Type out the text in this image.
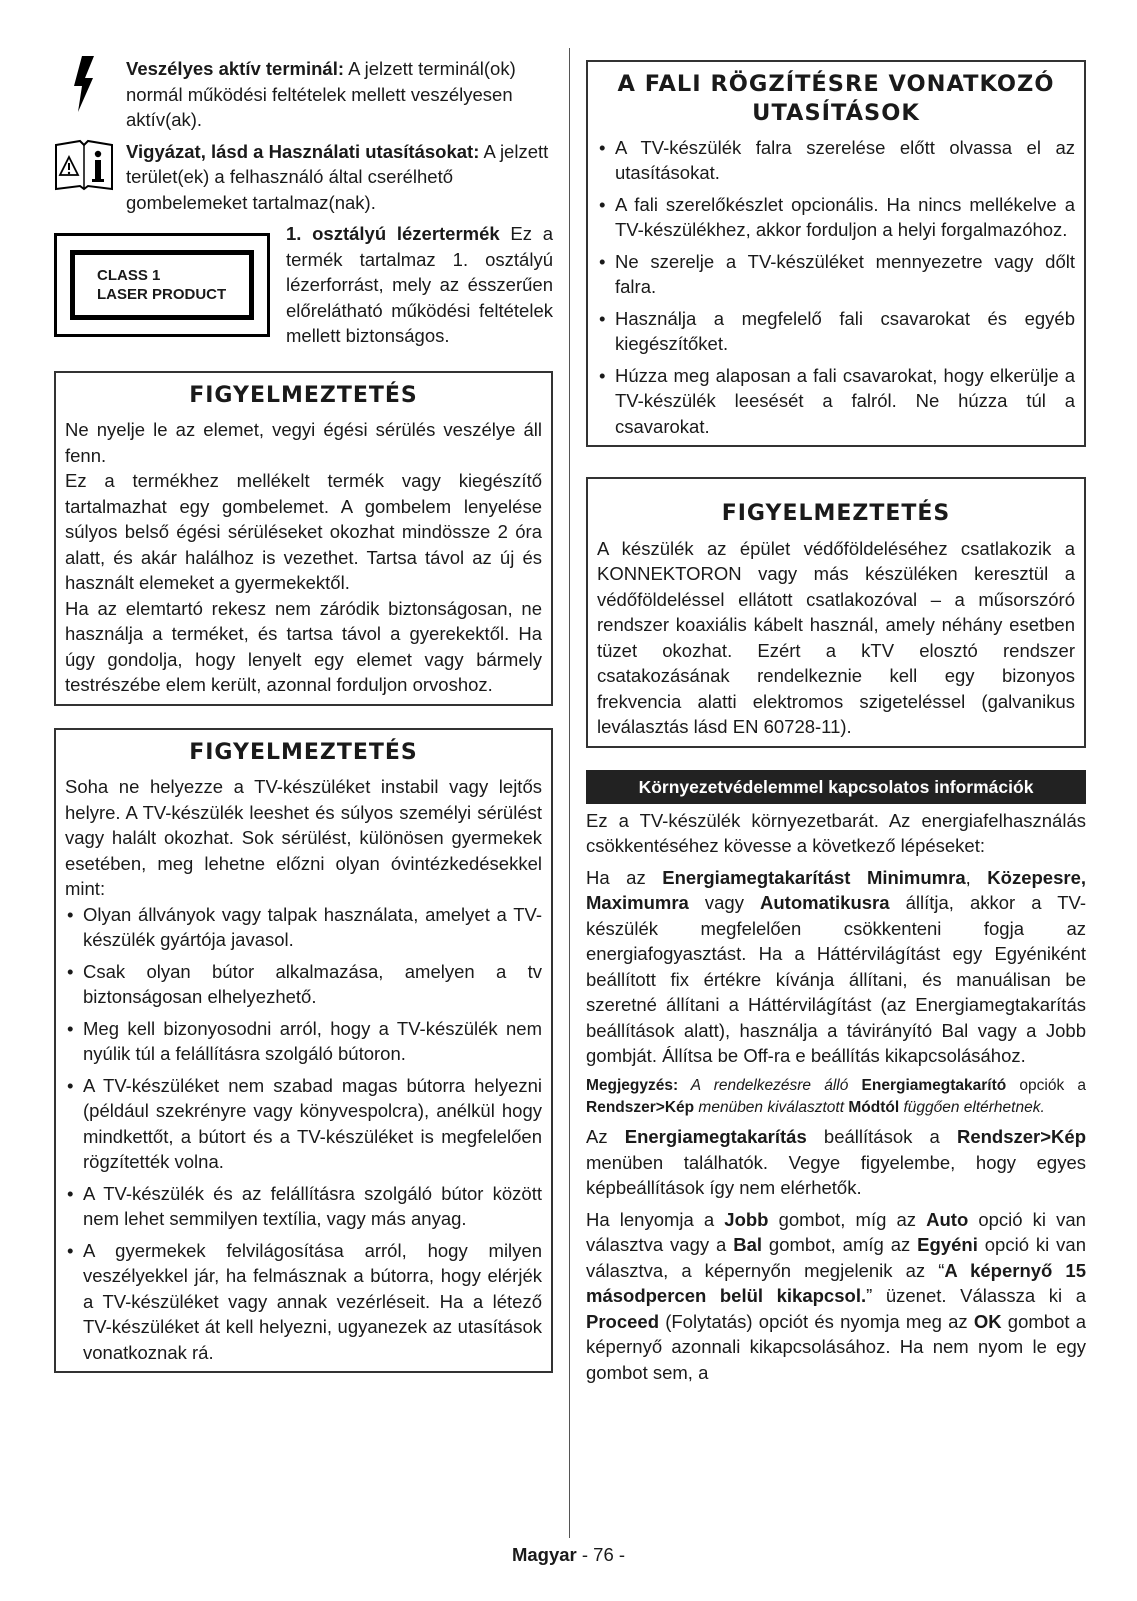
Veszélyes aktív terminál: A jelzett terminál(ok) normál működési feltételek mellett veszélyesen aktív(ak).
Vigyázat, lásd a Használati utasításokat: A jelzett terület(ek) a felhasználó által cserélhető gombelemeket tartalmaz(nak).
CLASS 1
LASER PRODUCT
1. osztályú lézertermék Ez a termék tartalmaz 1. osztályú lézerforrást, mely az ésszerűen előrelátható működési feltételek mellett biztonságos.
FIGYELMEZTETÉS
Ne nyelje le az elemet, vegyi égési sérülés veszélye áll fenn.
Ez a termékhez mellékelt termék vagy kiegészítő tartalmazhat egy gombelemet. A gombelem lenyelése súlyos belső égési sérüléseket okozhat mindössze 2 óra alatt, és akár halálhoz is vezethet. Tartsa távol az új és használt elemeket a gyermekektől.
Ha az elemtartó rekesz nem záródik biztonságosan, ne használja a terméket, és tartsa távol a gyerekektől. Ha úgy gondolja, hogy lenyelt egy elemet vagy bármely testrészébe elem került, azonnal forduljon orvoshoz.
FIGYELMEZTETÉS
Soha ne helyezze a TV-készüléket instabil vagy lejtős helyre. A TV-készülék leeshet és súlyos személyi sérülést vagy halált okozhat. Sok sérülést, különösen gyermekek esetében, meg lehetne előzni olyan óvintézkedésekkel mint:
• Olyan állványok vagy talpak használata, amelyet a TV-készülék gyártója javasol.
• Csak olyan bútor alkalmazása, amelyen a tv biztonságosan elhelyezhető.
• Meg kell bizonyosodni arról, hogy a TV-készülék nem nyúlik túl a felállításra szolgáló bútoron.
• A TV-készüléket nem szabad magas bútorra helyezni (például szekrényre vagy könyvespolcra), anélkül hogy mindkettőt, a bútort és a TV-készüléket is megfelelően rögzítették volna.
• A TV-készülék és az felállításra szolgáló bútor között nem lehet semmilyen textília, vagy más anyag.
• A gyermekek felvilágosítása arról, hogy milyen veszélyekkel jár, ha felmásznak a bútorra, hogy elérjék a TV-készüléket vagy annak vezérléseit. Ha a létező TV-készüléket át kell helyezni, ugyanezek az utasítások vonatkoznak rá.
A FALI RÖGZÍTÉSRE VONATKOZÓ UTASÍTÁSOK
• A TV-készülék falra szerelése előtt olvassa el az utasításokat.
• A fali szerelőkészlet opcionális. Ha nincs mellékelve a TV-készülékhez, akkor forduljon a helyi forgalmazóhoz.
• Ne szerelje a TV-készüléket mennyezetre vagy dőlt falra.
• Használja a megfelelő fali csavarokat és egyéb kiegészítőket.
• Húzza meg alaposan a fali csavarokat, hogy elkerülje a TV-készülék leesését a falról. Ne húzza túl a csavarokat.
FIGYELMEZTETÉS
A készülék az épület védőföldeléséhez csatlakozik a KONNEKTORON vagy más készüléken keresztül a védőföldeléssel ellátott csatlakozóval – a műsorszóró rendszer koaxiális kábelt használ, amely néhány esetben tüzet okozhat. Ezért a kTV elosztó rendszer csatakozásának rendelkeznie kell egy bizonyos frekvencia alatti elektromos szigeteléssel (galvanikus leválasztás lásd EN 60728-11).
Környezetvédelemmel kapcsolatos információk

Ez a TV-készülék környezetbarát. Az energiafelhasználás csökkentéséhez kövesse a következő lépéseket:

Ha az Energiamegtakarítást Minimumra, Közepesre, Maximumra vagy Automatikusra állítja, akkor a TV-készülék megfelelően csökkenteni fogja az energiafogyasztást. Ha a Háttérvilágítást egy Egyéniként beállított fix értékre kívánja állítani, és manuálisan be szeretné állítani a Háttérvilágítást (az Energiamegtakarítás beállítások alatt), használja a távirányító Bal vagy a Jobb gombját. Állítsa be Off-ra e beállítás kikapcsolásához.

Megjegyzés: A rendelkezésre álló Energiamegtakarító opciók a Rendszer>Kép menüben kiválasztott Módtól függően eltérhetnek.

Az Energiamegtakarítás beállítások a Rendszer>Kép menüben találhatók. Vegye figyelembe, hogy egyes képbeállítások így nem elérhetők.

Ha lenyomja a Jobb gombot, míg az Auto opció ki van választva vagy a Bal gombot, amíg az Egyéni opció ki van választva, a képernyőn megjelenik az “A képernyő 15 másodpercen belül kikapcsol.” üzenet. Válassza ki a Proceed (Folytatás) opciót és nyomja meg az OK gombot a képernyő azonnali kikapcsolásához. Ha nem nyom le egy gombot sem, a

Magyar - 76 -
